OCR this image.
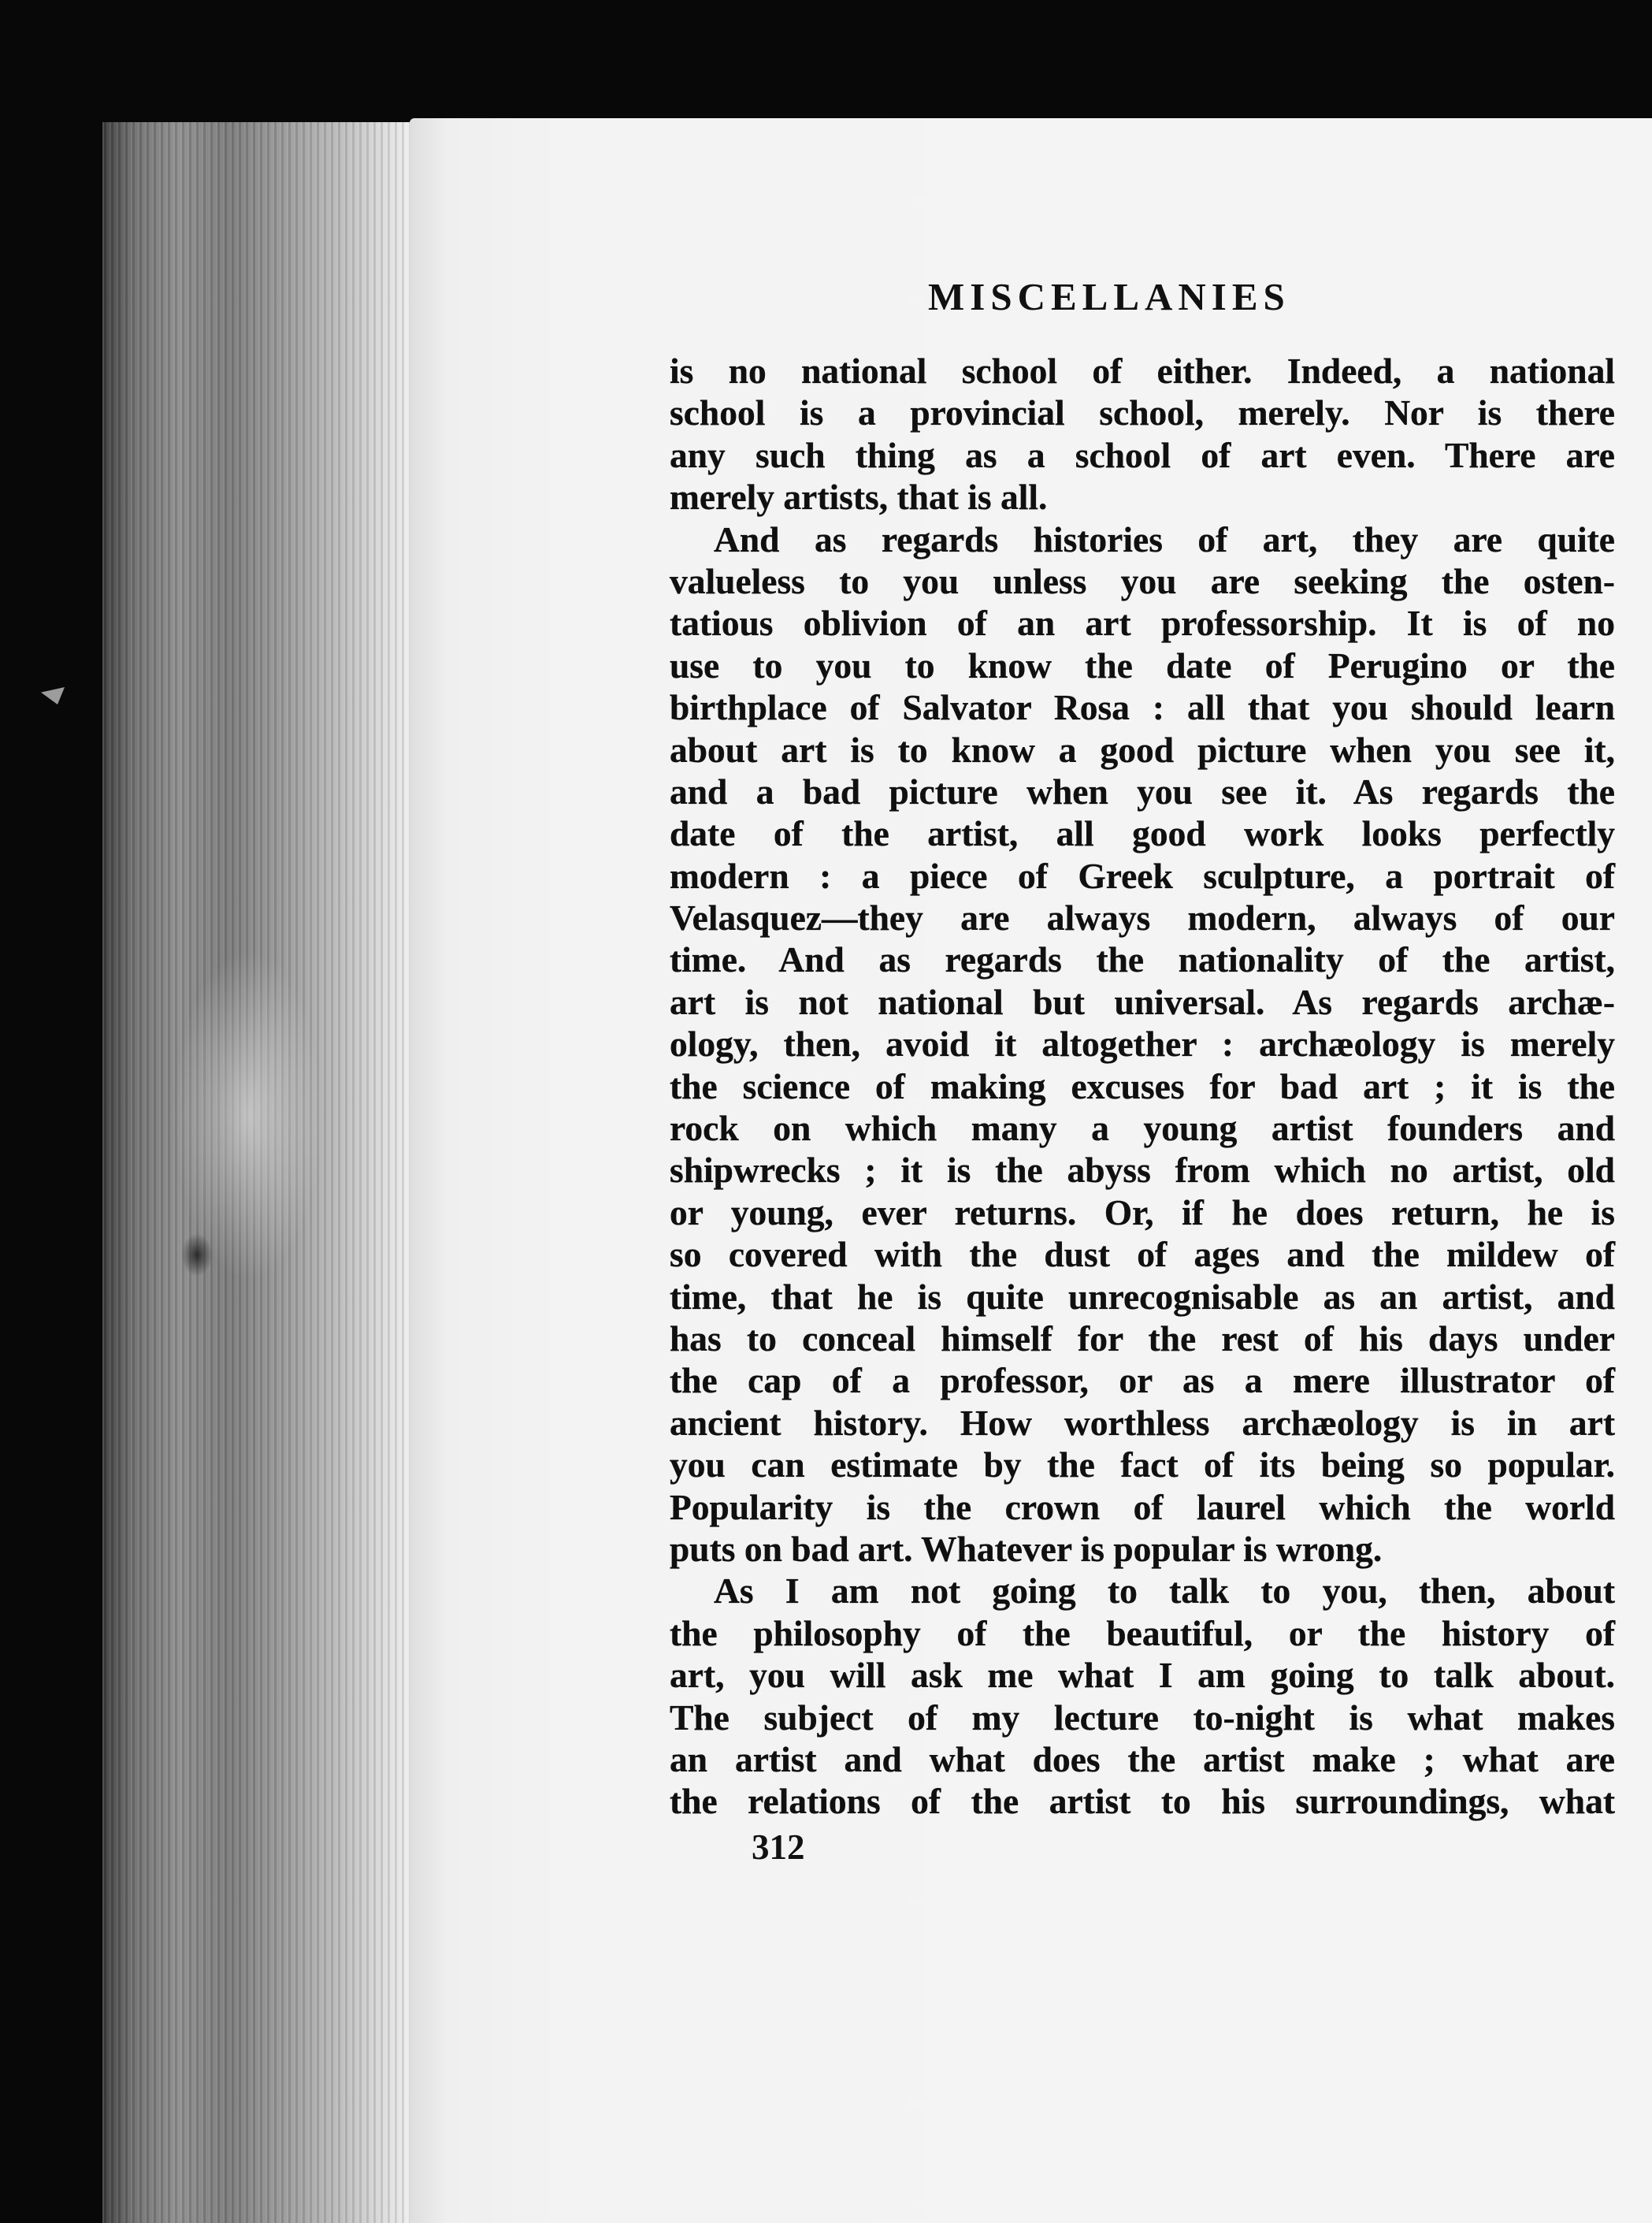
MISCELLANIES
is no national school of either. Indeed, a national
school is a provincial school, merely. Nor is there
any such thing as a school of art even. There are
merely artists, that is all.
And as regards histories of art, they are quite
valueless to you unless you are seeking the osten-
tatious oblivion of an art professorship. It is of no
use to you to know the date of Perugino or the
birthplace of Salvator Rosa : all that you should learn
about art is to know a good picture when you see it,
and a bad picture when you see it. As regards the
date of the artist, all good work looks perfectly
modern : a piece of Greek sculpture, a portrait of
Velasquez—they are always modern, always of our
time. And as regards the nationality of the artist,
art is not national but universal. As regards archæ-
ology, then, avoid it altogether : archæology is merely
the science of making excuses for bad art ; it is the
rock on which many a young artist founders and
shipwrecks ; it is the abyss from which no artist, old
or young, ever returns. Or, if he does return, he is
so covered with the dust of ages and the mildew of
time, that he is quite unrecognisable as an artist, and
has to conceal himself for the rest of his days under
the cap of a professor, or as a mere illustrator of
ancient history. How worthless archæology is in art
you can estimate by the fact of its being so popular.
Popularity is the crown of laurel which the world
puts on bad art. Whatever is popular is wrong.
As I am not going to talk to you, then, about
the philosophy of the beautiful, or the history of
art, you will ask me what I am going to talk about.
The subject of my lecture to-night is what makes
an artist and what does the artist make ; what are
the relations of the artist to his surroundings, what
312
